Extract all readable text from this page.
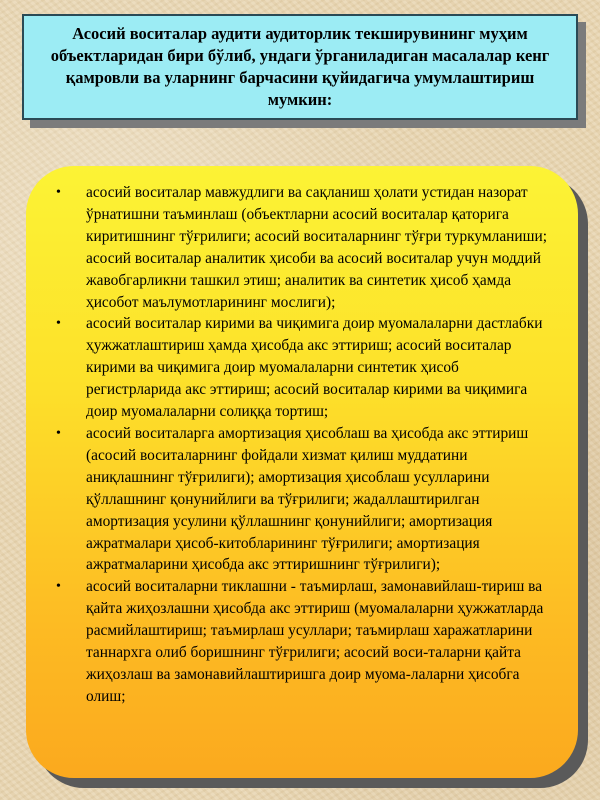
Асосий воситалар аудити аудиторлик текширувининг муҳим объектларидан бири бўлиб, ундаги ўрганиладиган масалалар кенг қамровли ва уларнинг барчасини қуйидагича умумлаштириш мумкин:
• асосий воситалар мавжудлиги ва сақланиш ҳолати устидан назорат ўрнатишни таъминлаш (объектларни асосий воситалар қаторига киритишнинг тўғрилиги; асосий воситаларнинг тўғри туркумланиши; асосий воситалар аналитик ҳисоби ва асосий воситалар учун моддий жавобгарликни ташкил этиш; аналитик ва синтетик ҳисоб ҳамда ҳисобот маълумотларининг мослиги);
• асосий воситалар кирими ва чиқимига доир муомалаларни дастлабки ҳужжатлаштириш ҳамда ҳисобда акс эттириш; асосий воситалар кирими ва чиқимига доир муомалаларни синтетик ҳисоб регистрларида акс эттириш; асосий воситалар кирими ва чиқимига доир муомалаларни солиққа тортиш;
• асосий воситаларга амортизация ҳисоблаш ва ҳисобда акс эттириш (асосий воситаларнинг фойдали хизмат қилиш муддатини аниқлашнинг тўғрилиги); амортизация ҳисоблаш усулларини қўллашнинг қонунийлиги ва тўғрилиги; жадаллаштирилган амортизация усулини қўллашнинг қонунийлиги; амортизация ажратмалари ҳисоб-китобларининг тўғрилиги; амортизация ажратмаларини ҳисобда акс эттиришнинг тўғрилиги);
• асосий воситаларни тиклашни - таъмирлаш, замонавийлаш-тириш ва қайта жиҳозлашни ҳисобда акс эттириш (муомалаларни ҳужжатларда расмийлаштириш; таъмирлаш усуллари; таъмирлаш харажатларини таннархга олиб боришнинг тўғрилиги; асосий воси-таларни қайта жиҳозлаш ва замонавийлаштиришга доир муома-лаларни ҳисобга олиш;
